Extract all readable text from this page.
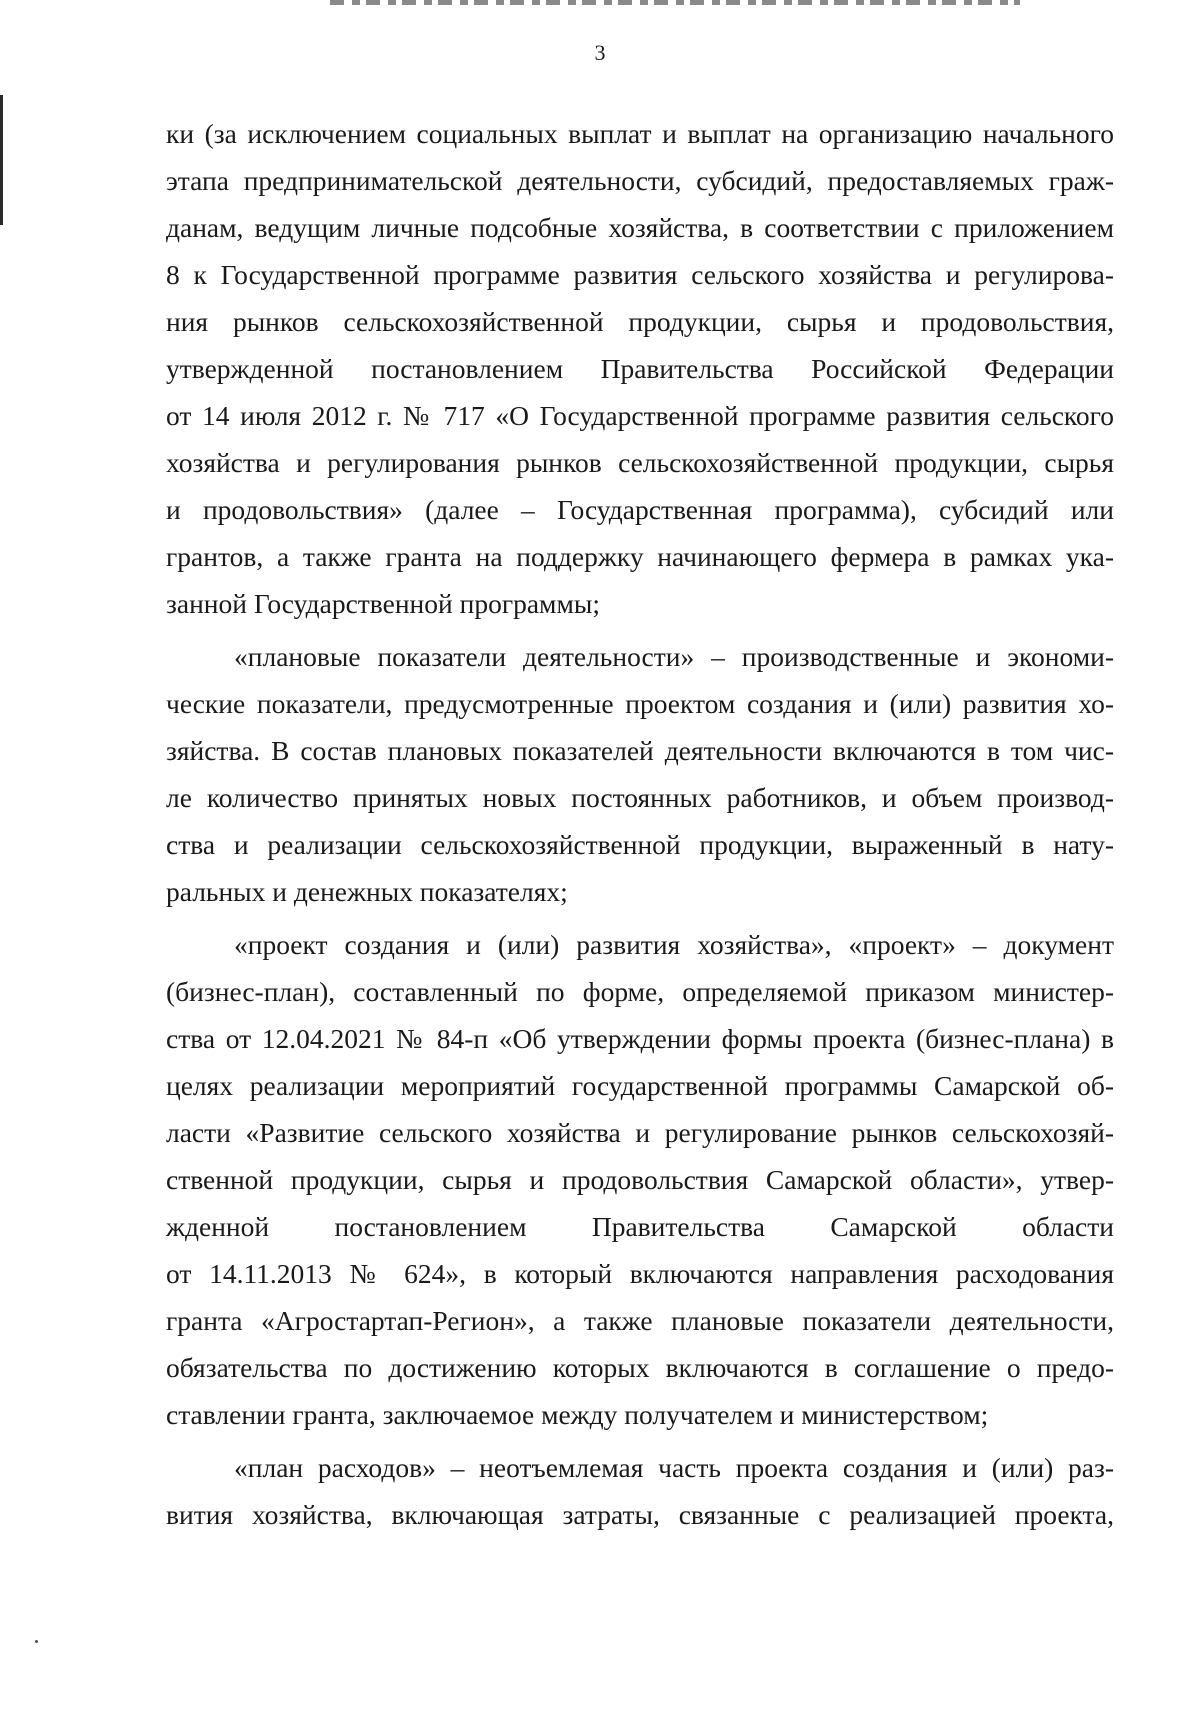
3
ки (за исключением социальных выплат и выплат на организацию начального
этапа предпринимательской деятельности, субсидий, предоставляемых граж-
данам, ведущим личные подсобные хозяйства, в соответствии с приложением
8 к Государственной программе развития сельского хозяйства и регулирова-
ния рынков сельскохозяйственной продукции, сырья и продовольствия,
утвержденной постановлением Правительства Российской Федерации
от 14 июля 2012 г. № 717 «О Государственной программе развития сельского
хозяйства и регулирования рынков сельскохозяйственной продукции, сырья
и продовольствия» (далее – Государственная программа), субсидий или
грантов, а также гранта на поддержку начинающего фермера в рамках ука-
занной Государственной программы;
«плановые показатели деятельности» – производственные и экономи-
ческие показатели, предусмотренные проектом создания и (или) развития хо-
зяйства. В состав плановых показателей деятельности включаются в том чис-
ле количество принятых новых постоянных работников, и объем производ-
ства и реализации сельскохозяйственной продукции, выраженный в нату-
ральных и денежных показателях;
«проект создания и (или) развития хозяйства», «проект» – документ
(бизнес-план), составленный по форме, определяемой приказом министер-
ства от 12.04.2021 № 84-п «Об утверждении формы проекта (бизнес-плана) в
целях реализации мероприятий государственной программы Самарской об-
ласти «Развитие сельского хозяйства и регулирование рынков сельскохозяй-
ственной продукции, сырья и продовольствия Самарской области», утвер-
жденной постановлением Правительства Самарской области
от 14.11.2013 № 624», в который включаются направления расходования
гранта «Агростартап-Регион», а также плановые показатели деятельности,
обязательства по достижению которых включаются в соглашение о предо-
ставлении гранта, заключаемое между получателем и министерством;
«план расходов» – неотъемлемая часть проекта создания и (или) раз-
вития хозяйства, включающая затраты, связанные с реализацией проекта,
